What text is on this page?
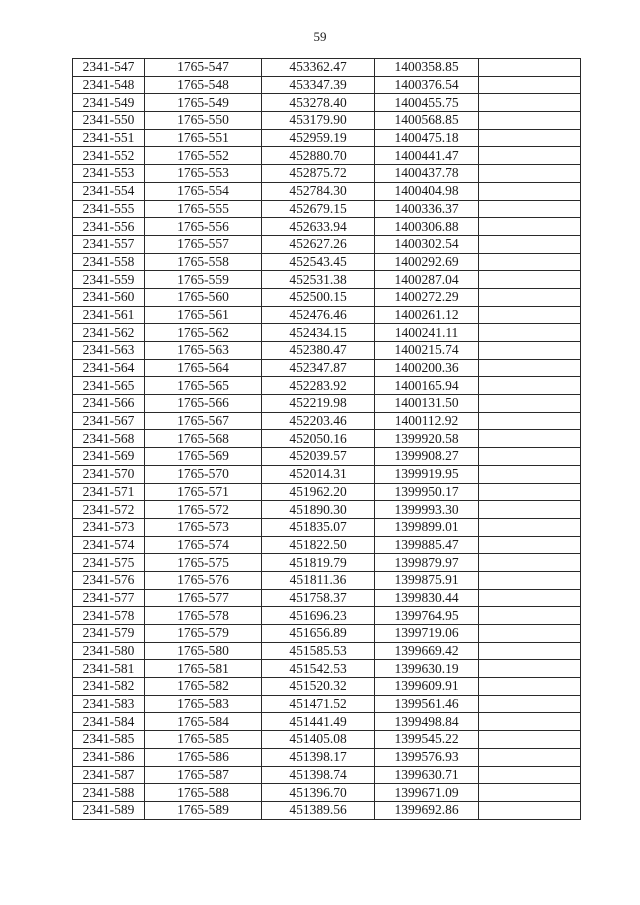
59
2341-547	1765-547	453362.47	1400358.85	
2341-548	1765-548	453347.39	1400376.54	
2341-549	1765-549	453278.40	1400455.75	
2341-550	1765-550	453179.90	1400568.85	
2341-551	1765-551	452959.19	1400475.18	
2341-552	1765-552	452880.70	1400441.47	
2341-553	1765-553	452875.72	1400437.78	
2341-554	1765-554	452784.30	1400404.98	
2341-555	1765-555	452679.15	1400336.37	
2341-556	1765-556	452633.94	1400306.88	
2341-557	1765-557	452627.26	1400302.54	
2341-558	1765-558	452543.45	1400292.69	
2341-559	1765-559	452531.38	1400287.04	
2341-560	1765-560	452500.15	1400272.29	
2341-561	1765-561	452476.46	1400261.12	
2341-562	1765-562	452434.15	1400241.11	
2341-563	1765-563	452380.47	1400215.74	
2341-564	1765-564	452347.87	1400200.36	
2341-565	1765-565	452283.92	1400165.94	
2341-566	1765-566	452219.98	1400131.50	
2341-567	1765-567	452203.46	1400112.92	
2341-568	1765-568	452050.16	1399920.58	
2341-569	1765-569	452039.57	1399908.27	
2341-570	1765-570	452014.31	1399919.95	
2341-571	1765-571	451962.20	1399950.17	
2341-572	1765-572	451890.30	1399993.30	
2341-573	1765-573	451835.07	1399899.01	
2341-574	1765-574	451822.50	1399885.47	
2341-575	1765-575	451819.79	1399879.97	
2341-576	1765-576	451811.36	1399875.91	
2341-577	1765-577	451758.37	1399830.44	
2341-578	1765-578	451696.23	1399764.95	
2341-579	1765-579	451656.89	1399719.06	
2341-580	1765-580	451585.53	1399669.42	
2341-581	1765-581	451542.53	1399630.19	
2341-582	1765-582	451520.32	1399609.91	
2341-583	1765-583	451471.52	1399561.46	
2341-584	1765-584	451441.49	1399498.84	
2341-585	1765-585	451405.08	1399545.22	
2341-586	1765-586	451398.17	1399576.93	
2341-587	1765-587	451398.74	1399630.71	
2341-588	1765-588	451396.70	1399671.09	
2341-589	1765-589	451389.56	1399692.86	
